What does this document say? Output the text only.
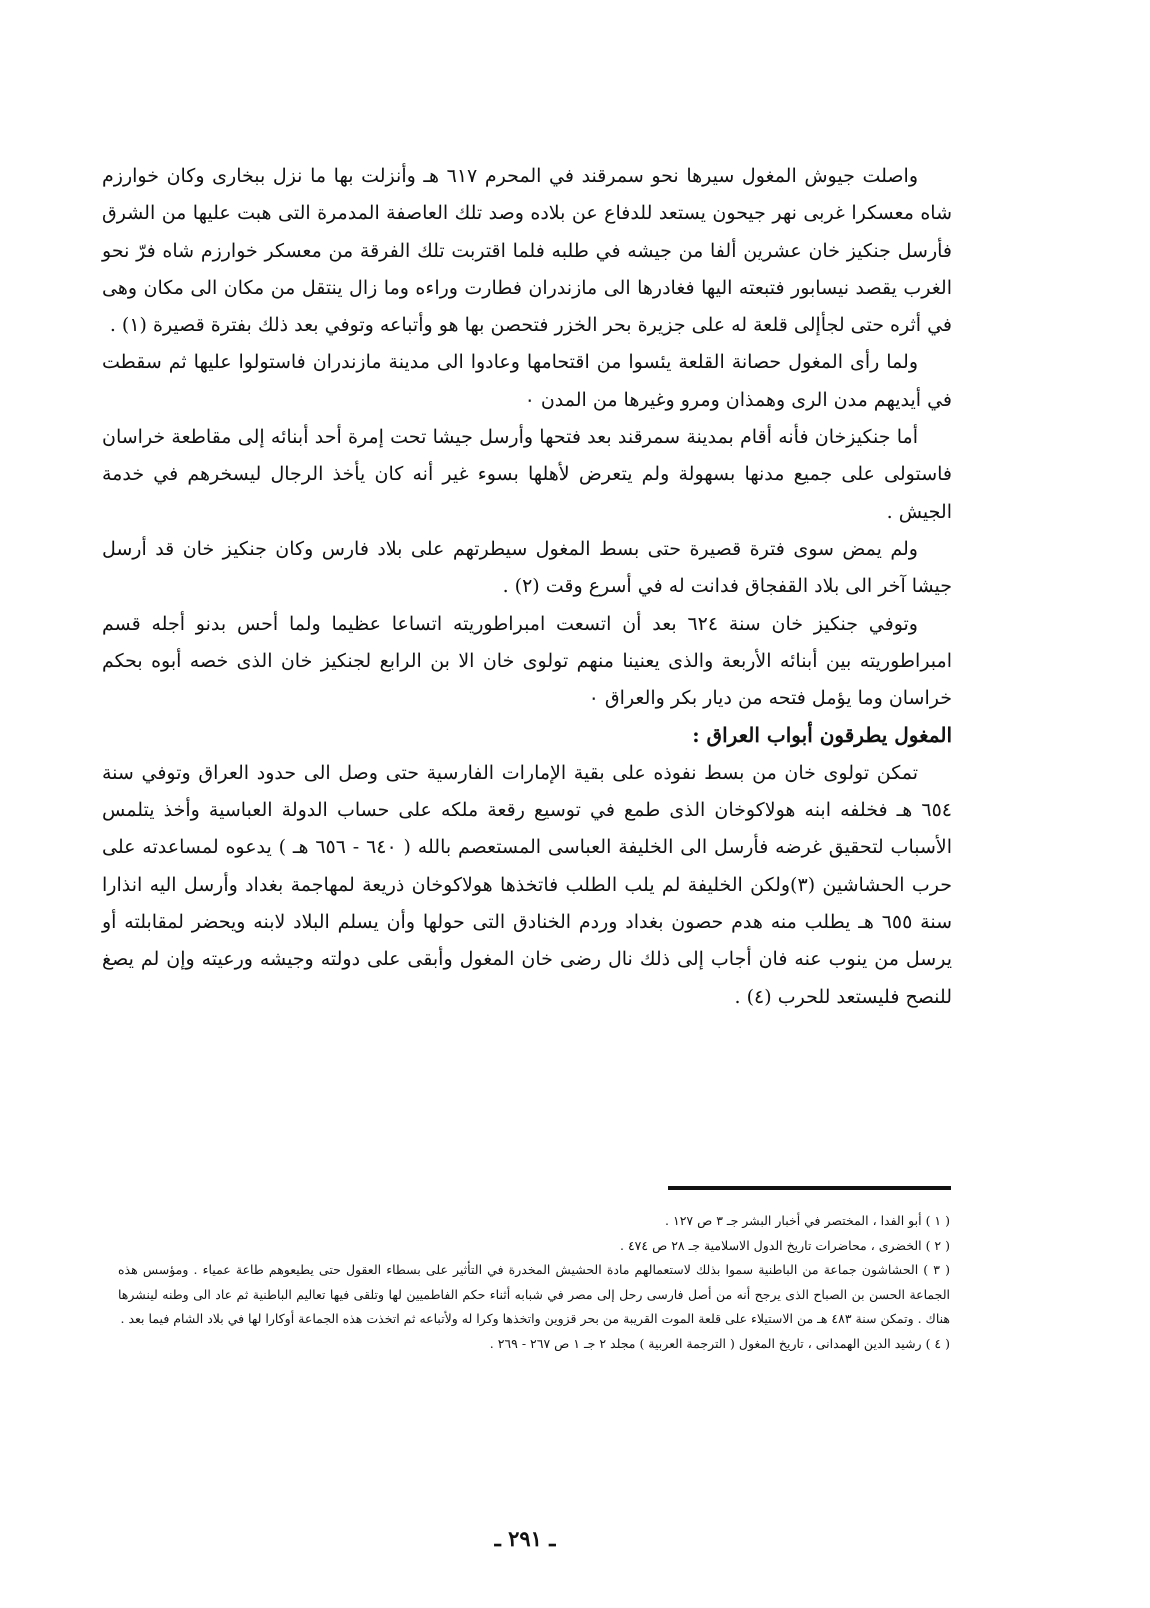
واصلت جيوش المغول سيرها نحو سمرقند في المحرم ٦١٧ هـ وأنزلت بها ما نزل ببخارى وكان خوارزم شاه معسكرا غربى نهر جيحون يستعد للدفاع عن بلاده وصد تلك العاصفة المدمرة التى هبت عليها من الشرق فأرسل جنكيز خان عشرين ألفا من جيشه في طلبه فلما اقتربت تلك الفرقة من معسكر خوارزم شاه فرّ نحو الغرب يقصد نيسابور فتبعته اليها فغادرها الى مازندران فطارت وراءه وما زال ينتقل من مكان الى مكان وهى في أثره حتى لجأإلى قلعة له على جزيرة بحر الخزر فتحصن بها هو وأتباعه وتوفي بعد ذلك بفترة قصيرة (١) .

ولما رأى المغول حصانة القلعة يئسوا من اقتحامها وعادوا الى مدينة مازندران فاستولوا عليها ثم سقطت في أيديهم مدن الرى وهمذان ومرو وغيرها من المدن ٠

أما جنكيزخان فأنه أقام بمدينة سمرقند بعد فتحها وأرسل جيشا تحت إمرة أحد أبنائه إلى مقاطعة خراسان فاستولى على جميع مدنها بسهولة ولم يتعرض لأهلها بسوء غير أنه كان يأخذ الرجال ليسخرهم في خدمة الجيش .

ولم يمض سوى فترة قصيرة حتى بسط المغول سيطرتهم على بلاد فارس وكان جنكيز خان قد أرسل جيشا آخر الى بلاد القفجاق فدانت له في أسرع وقت (٢) .

وتوفي جنكيز خان سنة ٦٢٤ بعد أن اتسعت امبراطوريته اتساعا عظيما ولما أحس بدنو أجله قسم امبراطوريته بين أبنائه الأربعة والذى يعنينا منهم تولوى خان الا بن الرابع لجنكيز خان الذى خصه أبوه بحكم خراسان وما يؤمل فتحه من ديار بكر والعراق ٠

المغول يطرقون أبواب العراق :

تمكن تولوى خان من بسط نفوذه على بقية الإمارات الفارسية حتى وصل الى حدود العراق وتوفي سنة ٦٥٤ هـ فخلفه ابنه هولاكوخان الذى طمع في توسيع رقعة ملكه على حساب الدولة العباسية وأخذ يتلمس الأسباب لتحقيق غرضه فأرسل الى الخليفة العباسى المستعصم بالله ( ٦٤٠ - ٦٥٦ هـ ) يدعوه لمساعدته على حرب الحشاشين (٣)ولكن الخليفة لم يلب الطلب فاتخذها هولاكوخان ذريعة لمهاجمة بغداد وأرسل اليه انذارا سنة ٦٥٥ هـ يطلب منه هدم حصون بغداد وردم الخنادق التى حولها وأن يسلم البلاد لابنه ويحضر لمقابلته أو يرسل من ينوب عنه فان أجاب إلى ذلك نال رضى خان المغول وأبقى على دولته وجيشه ورعيته وإن لم يصغ للنصح فليستعد للحرب (٤) .

( ١ ) أبو الفدا ، المختصر في أخبار البشر جـ ٣ ص ١٢٧ .

( ٢ ) الخضرى ، محاضرات تاريخ الدول الاسلامية جـ ٢٨ ص ٤٧٤ .

( ٣ ) الحشاشون جماعة من الباطنية سموا بذلك لاستعمالهم مادة الحشيش المخدرة في التأثير على بسطاء العقول حتى يطيعوهم طاعة عمياء . ومؤسس هذه الجماعة الحسن بن الصباح الذى يرجح أنه من أصل فارسى رحل إلى مصر في شبابه أثناء حكم الفاطميين لها وتلقى فيها تعاليم الباطنية ثم عاد الى وطنه لينشرها هناك . وتمكن سنة ٤٨٣ هـ من الاستيلاء على قلعة الموت القريبة من بحر قزوين واتخذها وكرا له ولأتباعه ثم اتخذت هذه الجماعة أوكارا لها في بلاد الشام فيما بعد .

( ٤ ) رشيد الدين الهمدانى ، تاريخ المغول ( الترجمة العربية ) مجلد ٢ جـ ١ ص ٢٦٧ - ٢٦٩ .

ـ ٢٩١ ـ
